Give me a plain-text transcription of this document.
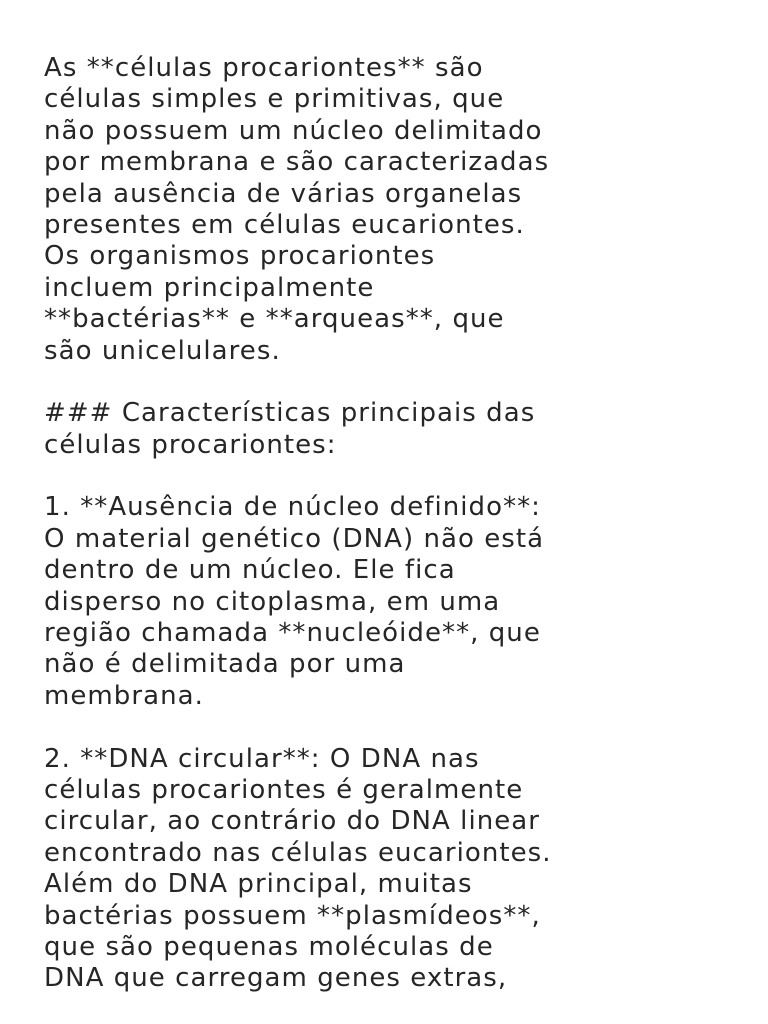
As **células procariontes** são
células simples e primitivas, que
não possuem um núcleo delimitado
por membrana e são caracterizadas
pela ausência de várias organelas
presentes em células eucariontes.
Os organismos procariontes
incluem principalmente
**bactérias** e **arqueas**, que
são unicelulares.
### Características principais das
células procariontes:
1. **Ausência de núcleo definido**:
O material genético (DNA) não está
dentro de um núcleo. Ele fica
disperso no citoplasma, em uma
região chamada **nucleóide**, que
não é delimitada por uma
membrana.
2. **DNA circular**: O DNA nas
células procariontes é geralmente
circular, ao contrário do DNA linear
encontrado nas células eucariontes.
Além do DNA principal, muitas
bactérias possuem **plasmídeos**,
que são pequenas moléculas de
DNA que carregam genes extras,
